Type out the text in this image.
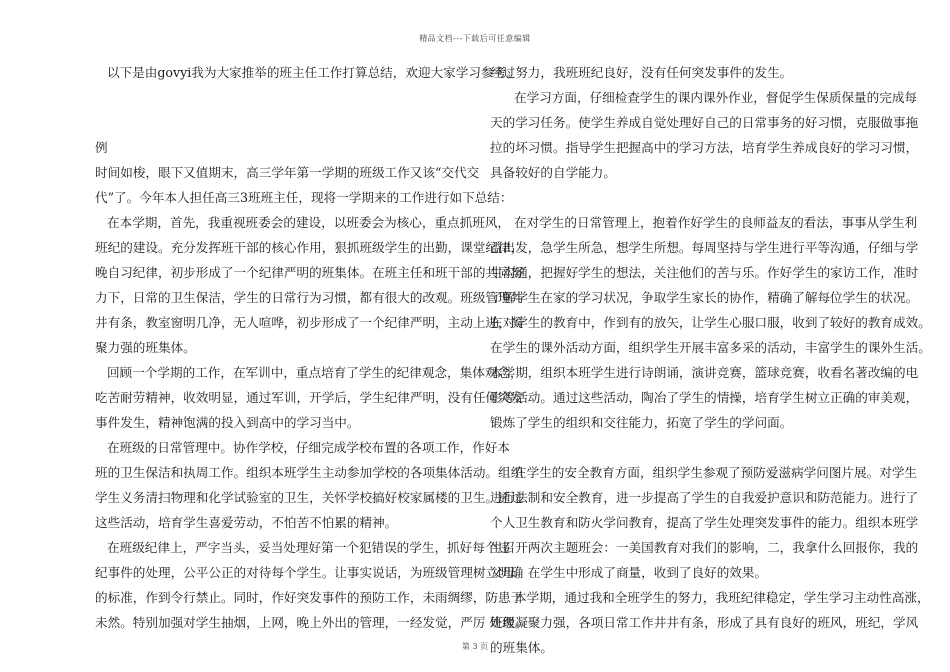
精品文档---下载后可任意编辑
以下是由govyi我为大家推举的班主任工作打算总结，欢迎大家学习参考。
例
时间如梭，眼下又值期末，高三学年第一学期的班级工作又该“交代交
代”了。今年本人担任高三3班班主任，现将一学期来的工作进行如下总结：
在本学期，首先，我重视班委会的建设，以班委会为核心，重点抓班风，
班纪的建设。充分发挥班干部的核心作用，狠抓班级学生的出勤，课堂纪律，
晚自习纪律，初步形成了一个纪律严明的班集体。在班主任和班干部的共同努
力下，日常的卫生保洁，学生的日常行为习惯，都有很大的改观。班级管理井
井有条，教室窗明几净，无人喧哗，初步形成了一个纪律严明，主动上进，凝
聚力强的班集体。
回顾一个学期的工作，在军训中，重点培育了学生的纪律观念，集体观念，
吃苦耐劳精神，收效明显，通过军训，开学后，学生纪律严明，没有任何突发
事件发生，精神饱满的投入到高中的学习当中。
在班级的日常管理中。协作学校，仔细完成学校布置的各项工作，作好本
班的卫生保洁和执周工作。组织本班学生主动参加学校的各项集体活动。组织
学生义务清扫物理和化学试验室的卫生，关怀学校搞好校家属楼的卫生。通过
这些活动，培育学生喜爱劳动，不怕苦不怕累的精神。
在班级纪律上，严字当头，妥当处理好第一个犯错误的学生，抓好每个违
纪事件的处理，公平公正的对待每个学生。让事实说话，为班级管理树立明确
的标准，作到令行禁止。同时，作好突发事件的预防工作，未雨绸缪，防患于
未然。特别加强对学生抽烟，上网，晚上外出的管理，一经发觉，严厉 处理。
经过努力，我班班纪良好，没有任何突发事件的发生。
在学习方面，仔细检查学生的课内课外作业，督促学生保质保量的完成每
天的学习任务。使学生养成自觉处理好自己的日常事务的好习惯，克服做事拖
拉的坏习惯。指导学生把握高中的学习方法，培育学生养成良好的学习习惯，
具备较好的自学能力。
在对学生的日常管理上，抱着作好学生的良师益友的看法，事事从学生利
益出发，急学生所急，想学生所想。每周坚持与学生进行平等沟通，仔细与学
生沟通，把握好学生的想法，关注他们的苦与乐。作好学生的家访工作，准时
了解学生在家的学习状况，争取学生家长的协作，精确了解每位学生的状况。
在对学生的教育中，作到有的放矢，让学生心服口服，收到了较好的教育成效。
在学生的课外活动方面，组织学生开展丰富多采的活动，丰富学生的课外生活。
本学期，组织本班学生进行诗朗诵，演讲竞赛，篮球竞赛，收看名著改编的电
影等活动。通过这些活动，陶冶了学生的情操，培育学生树立正确的审美观，
锻炼了学生的组织和交往能力，拓宽了学生的学问面。
在学生的安全教育方面，组织学生参观了预防爱滋病学问图片展。对学生
进行法制和安全教育，进一步提高了学生的自我爱护意识和防范能力。进行了
个人卫生教育和防火学问教育，提高了学生处理突发事件的能力。组织本班学
生召开两次主题班会：一美国教育对我们的影响，二，我拿什么回报你，我的
父母。在学生中形成了商量，收到了良好的效果。
本学期，通过我和全班学生的努力，我班纪律稳定，学生学习主动性高涨，
班级凝聚力强，各项日常工作井井有条，形成了具有良好的班风，班纪，学风
的班集体。
第 3 页
